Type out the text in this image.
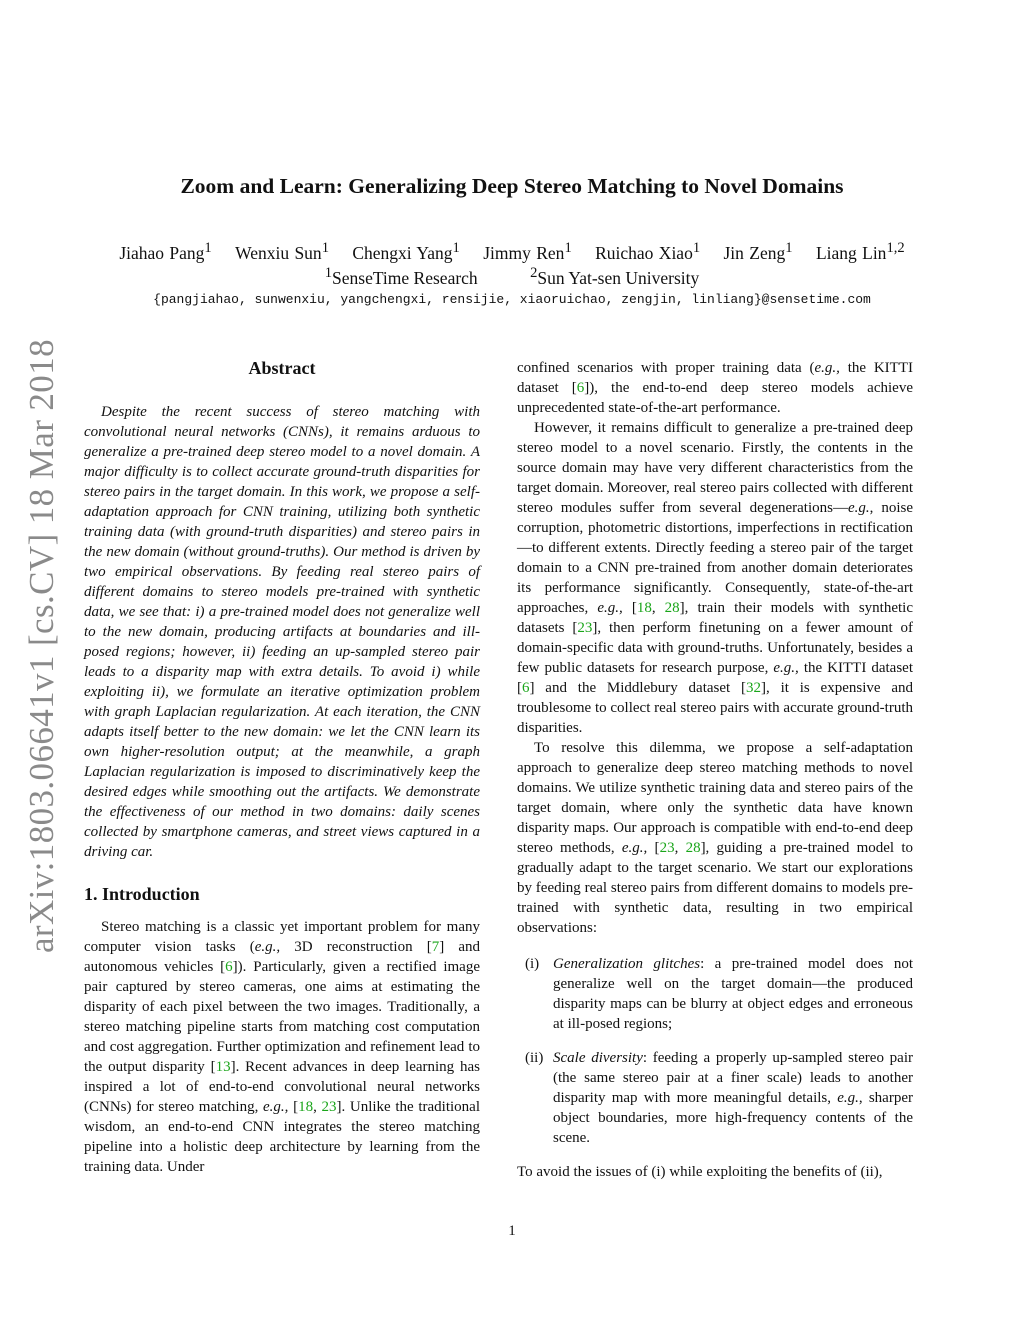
arXiv:1803.06641v1 [cs.CV] 18 Mar 2018
Zoom and Learn: Generalizing Deep Stereo Matching to Novel Domains
Jiahao Pang$^1$ Wenxiu Sun$^1$ Chengxi Yang$^1$ Jimmy Ren$^1$ Ruichao Xiao$^1$ Jin Zeng$^1$ Liang Lin$^{1,2}$
$^1$SenseTime Research	$^2$Sun Yat-sen University
{pangjiahao, sunwenxiu, yangchengxi, rensijie, xiaoruichao, zengjin, linliang}@sensetime.com
Abstract

Despite the recent success of stereo matching with convolutional neural networks (CNNs), it remains arduous to generalize a pre-trained deep stereo model to a novel domain. A major difficulty is to collect accurate ground-truth disparities for stereo pairs in the target domain. In this work, we propose a self-adaptation approach for CNN training, utilizing both synthetic training data (with ground-truth disparities) and stereo pairs in the new domain (without ground-truths). Our method is driven by two empirical observations. By feeding real stereo pairs of different domains to stereo models pre-trained with synthetic data, we see that: i) a pre-trained model does not generalize well to the new domain, producing artifacts at boundaries and ill-posed regions; however, ii) feeding an up-sampled stereo pair leads to a disparity map with extra details. To avoid i) while exploiting ii), we formulate an iterative optimization problem with graph Laplacian regularization. At each iteration, the CNN adapts itself better to the new domain: we let the CNN learn its own higher-resolution output; at the meanwhile, a graph Laplacian regularization is imposed to discriminatively keep the desired edges while smoothing out the artifacts. We demonstrate the effectiveness of our method in two domains: daily scenes collected by smartphone cameras, and street views captured in a driving car.

1. Introduction

Stereo matching is a classic yet important problem for many computer vision tasks (e.g., 3D reconstruction [7] and autonomous vehicles [6]). Particularly, given a rectified image pair captured by stereo cameras, one aims at estimating the disparity of each pixel between the two images. Traditionally, a stereo matching pipeline starts from matching cost computation and cost aggregation. Further optimization and refinement lead to the output disparity [13]. Recent advances in deep learning has inspired a lot of end-to-end convolutional neural networks (CNNs) for stereo matching, e.g., [18, 23]. Unlike the traditional wisdom, an end-to-end CNN integrates the stereo matching pipeline into a holistic deep architecture by learning from the training data. Under

confined scenarios with proper training data (e.g., the KITTI dataset [6]), the end-to-end deep stereo models achieve unprecedented state-of-the-art performance.

However, it remains difficult to generalize a pre-trained deep stereo model to a novel scenario. Firstly, the contents in the source domain may have very different characteristics from the target domain. Moreover, real stereo pairs collected with different stereo modules suffer from several degenerations—e.g., noise corruption, photometric distortions, imperfections in rectification—to different extents. Directly feeding a stereo pair of the target domain to a CNN pre-trained from another domain deteriorates its performance significantly. Consequently, state-of-the-art approaches, e.g., [18, 28], train their models with synthetic datasets [23], then perform finetuning on a fewer amount of domain-specific data with ground-truths. Unfortunately, besides a few public datasets for research purpose, e.g., the KITTI dataset [6] and the Middlebury dataset [32], it is expensive and troublesome to collect real stereo pairs with accurate ground-truth disparities.

To resolve this dilemma, we propose a self-adaptation approach to generalize deep stereo matching methods to novel domains. We utilize synthetic training data and stereo pairs of the target domain, where only the synthetic data have known disparity maps. Our approach is compatible with end-to-end deep stereo methods, e.g., [23, 28], guiding a pre-trained model to gradually adapt to the target scenario. We start our explorations by feeding real stereo pairs from different domains to models pre-trained with synthetic data, resulting in two empirical observations:

(i) Generalization glitches: a pre-trained model does not generalize well on the target domain—the produced disparity maps can be blurry at object edges and erroneous at ill-posed regions;
(ii) Scale diversity: feeding a properly up-sampled stereo pair (the same stereo pair at a finer scale) leads to another disparity map with more meaningful details, e.g., sharper object boundaries, more high-frequency contents of the scene.

To avoid the issues of (i) while exploiting the benefits of (ii),

1
